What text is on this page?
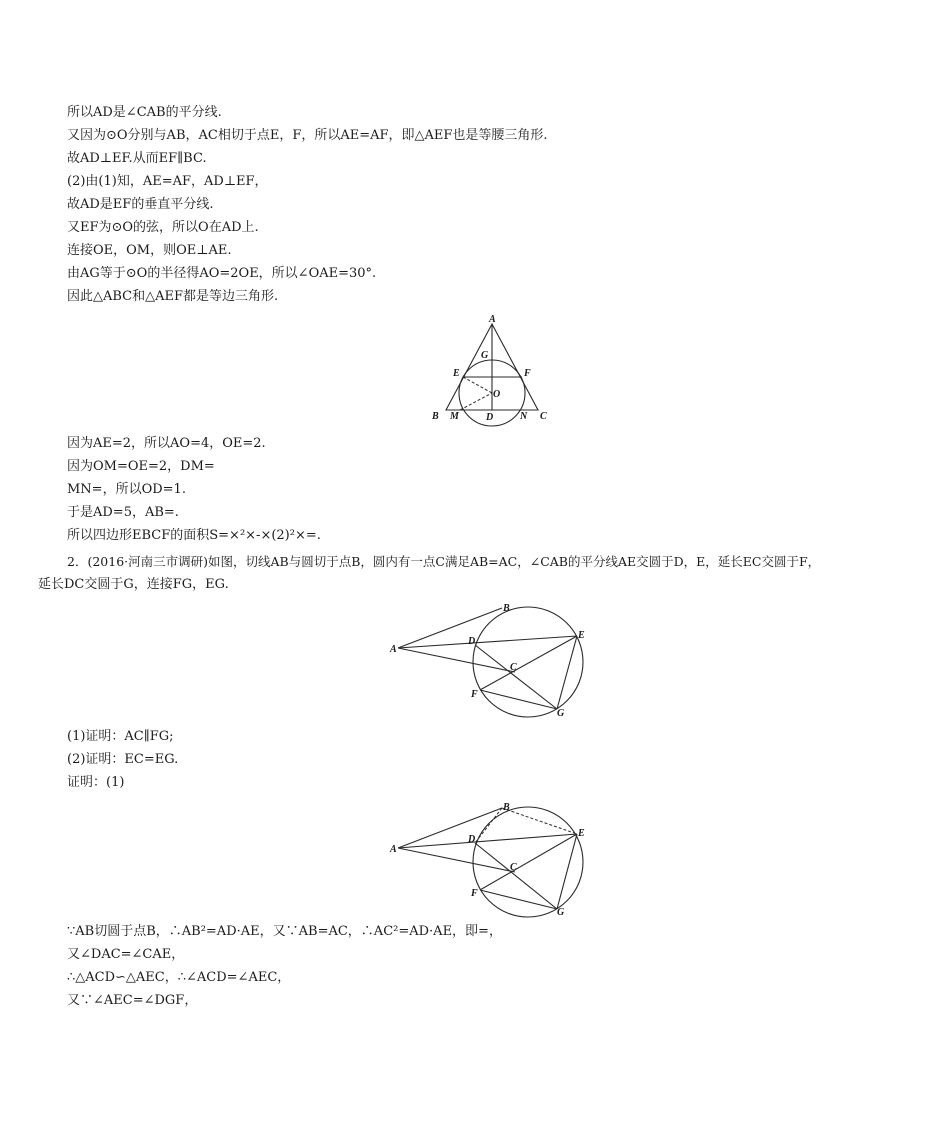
所以AD是∠CAB的平分线.
又因为⊙O分别与AB，AC相切于点E，F，所以AE=AF，即△AEF也是等腰三角形.
故AD⊥EF.从而EF∥BC.
(2)由(1)知，AE=AF，AD⊥EF，
故AD是EF的垂直平分线.
又EF为⊙O的弦，所以O在AD上.
连接OE，OM，则OE⊥AE.
由AG等于⊙O的半径得AO=2OE，所以∠OAE=30°.
因此△ABC和△AEF都是等边三角形.
A
G
E	F
O
B M	D	N C
因为AE=2，所以AO=4，OE=2.
因为OM=OE=2，DM=
MN=，所以OD=1.
于是AD=5，AB=.
所以四边形EBCF的面积S=×²×-×(2)²×=.
2．(2016·河南三市调研)如图，切线AB与圆切于点B，圆内有一点C满足AB=AC，∠CAB的平分线AE交圆于D，E，延长EC交圆于F，
延长DC交圆于G，连接FG，EG.
B
A
D
E
C
F
G
(1)证明：AC∥FG;
(2)证明：EC=EG.
证明：(1)
B
A
D
E
C
F
G
∵AB切圆于点B，∴AB²=AD·AE，又∵AB=AC，∴AC²=AD·AE，即=，
又∠DAC=∠CAE，
∴△ACD∽△AEC，∴∠ACD=∠AEC，
又∵∠AEC=∠DGF，
